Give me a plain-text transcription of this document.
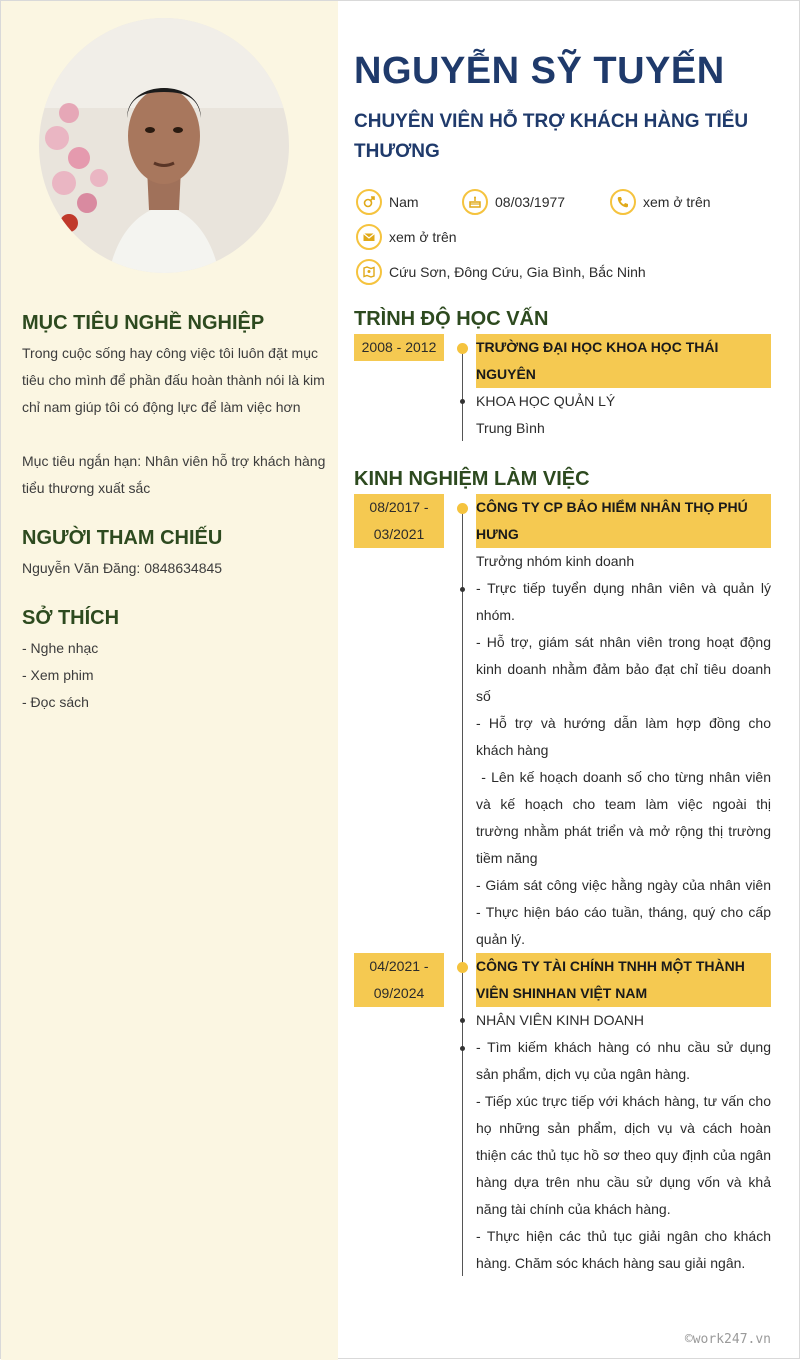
MỤC TIÊU NGHỀ NGHIỆP

Trong cuộc sống hay công việc tôi luôn đặt mục tiêu cho mình để phần đấu hoàn thành nói là kim chỉ nam giúp tôi có động lực để làm việc hơn

Mục tiêu ngắn hạn: Nhân viên hỗ trợ khách hàng tiểu thương xuất sắc

NGƯỜI THAM CHIẾU

Nguyễn Văn Đăng: 0848634845

SỞ THÍCH

- Nghe nhạc

- Xem phim

- Đọc sách

NGUYỄN SỸ TUYẾN

CHUYÊN VIÊN HỖ TRỢ KHÁCH HÀNG TIỂU THƯƠNG

Nam	08/03/1977	xem ở trên
xem ở trên
Cứu Sơn, Đông Cứu, Gia Bình, Bắc Ninh
TRÌNH ĐỘ HỌC VẤN
2008 - 2012	TRƯỜNG ĐẠI HỌC KHOA HỌC THÁI NGUYÊN
KHOA HỌC QUẢN LÝ
Trung Bình
KINH NGHIỆM LÀM VIỆC
08/2017 -
03/2021
CÔNG TY CP BẢO HIỂM NHÂN THỌ PHÚ HƯNG
Trưởng nhóm kinh doanh
- Trực tiếp tuyển dụng nhân viên và quản lý nhóm.
- Hỗ trợ, giám sát nhân viên trong hoạt động kinh doanh nhằm đảm bảo đạt chỉ tiêu doanh số
- Hỗ trợ và hướng dẫn làm hợp đồng cho khách hàng
- Lên kế hoạch doanh số cho từng nhân viên và kế hoạch cho team làm việc ngoài thị trường nhằm phát triển và mở rộng thị trường tiềm năng
- Giám sát công việc hằng ngày của nhân viên - Thực hiện báo cáo tuần, tháng, quý cho cấp quản lý.
04/2021 -
09/2024
CÔNG TY TÀI CHÍNH TNHH MỘT THÀNH VIÊN SHINHAN VIỆT NAM
NHÂN VIÊN KINH DOANH
- Tìm kiếm khách hàng có nhu cầu sử dụng sản phẩm, dịch vụ của ngân hàng.
- Tiếp xúc trực tiếp với khách hàng, tư vấn cho họ những sản phẩm, dịch vụ và cách hoàn thiện các thủ tục hồ sơ theo quy định của ngân hàng dựa trên nhu cầu sử dụng vốn và khả năng tài chính của khách hàng.
- Thực hiện các thủ tục giải ngân cho khách hàng. Chăm sóc khách hàng sau giải ngân.
©work247.vn
